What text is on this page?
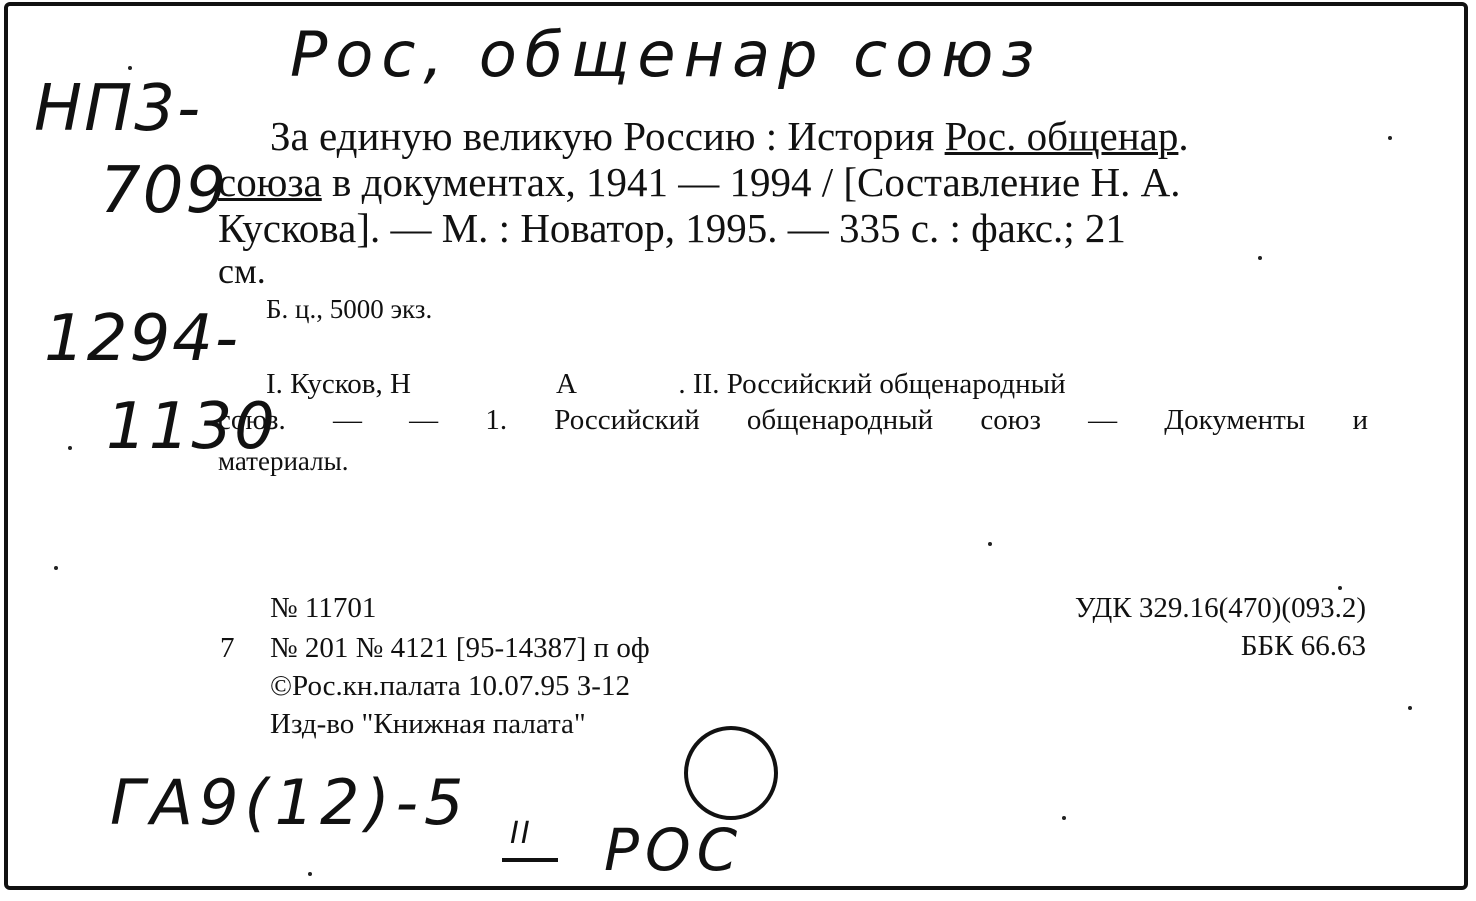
Рос, общенар союз
НП3-
709
1294-
1130
За единую великую Россию : История Рос. общенар.
союза в документах, 1941 — 1994 / [Составление Н. А.
Кускова]. — М. : Новатор, 1995. — 335 с. : факс.; 21
см.
Б. ц., 5000 экз.
I. Кусков, Н                    А              . II. Российский общенародный
союз. — — 1. Российский общенародный союз — Документы и
материалы.
№ 11701
7 № 201 № 4121 [95-14387] п оф
©Рос.кн.палата 10.07.95 З-12
Изд-во "Книжная палата"
УДК 329.16(470)(093.2)
ББК 66.63
ГА9(12)-5 II РОС
